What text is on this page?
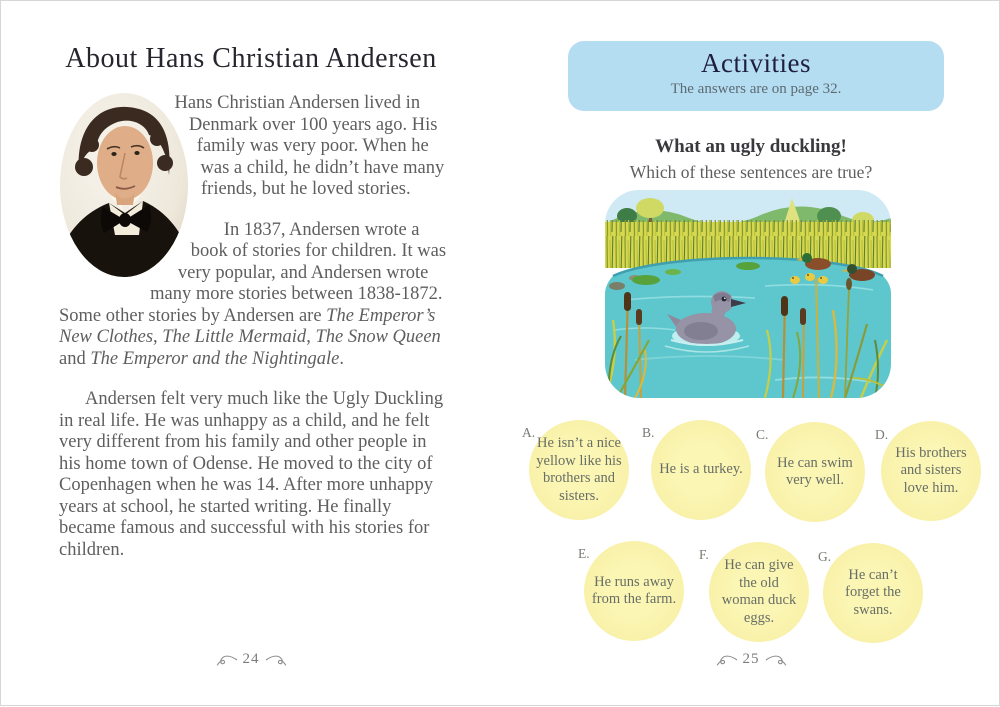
About Hans Christian Andersen

Hans Christian Andersen lived in Denmark over 100 years ago. His family was very poor. When he was a child, he didn’t have many friends, but he loved stories.

In 1837, Andersen wrote a book of stories for children. It was very popular, and Andersen wrote many more stories between 1838-1872. Some other stories by Andersen are The Emperor’s New Clothes, The Little Mermaid, The Snow Queen and The Emperor and the Nightingale.

Andersen felt very much like the Ugly Duckling in real life. He was unhappy as a child, and he felt very different from his family and other people in his home town of Odense. He moved to the city of Copenhagen when he was 14. After more unhappy years at school, he started writing. He finally became famous and successful with his stories for children.

24
Activities
The answers are on page 32.
What an ugly duckling!
Which of these sentences are true?
A.	B.	C.	D.
E.	F.	G.
He isn’t a nice yellow like his brothers and sisters.
He is a turkey.	He can swim very well.
His brothers and sisters love him.
He runs away from the farm.
He can give the old woman duck eggs.
He can’t forget the swans.
25
